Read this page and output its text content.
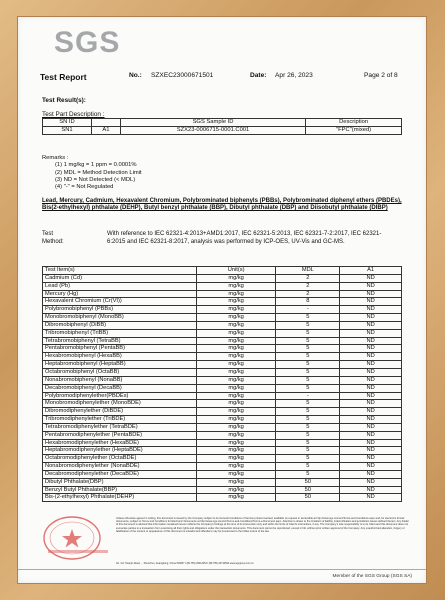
SGS
Test Report	No.: SZXEC23000671501	Date: Apr 26, 2023	Page 2 of 8
Test Result(s):
Test Part Description :
SN ID		SGS Sample ID	Description
SN1	A1	SZX23-0006715-0001.C001	"FPC"(mixed)
Remarks :
(1) 1 mg/kg = 1 ppm = 0.0001%
(2) MDL = Method Detection Limit
(3) ND = Not Detected (< MDL)
(4) "-" = Not Regulated
Lead, Mercury, Cadmium, Hexavalent Chromium, Polybrominated biphenyls (PBBs), Polybrominated diphenyl ethers (PBDEs), Bis(2-ethylhexyl) phthalate (DEHP), Butyl benzyl phthalate (BBP), Dibutyl phthalate (DBP) and Diisobutyl phthalate (DIBP)
Test Method:
With reference to IEC 62321-4:2013+AMD1:2017, IEC 62321-5:2013, IEC 62321-7-2:2017, IEC 62321-6:2015 and IEC 62321-8:2017, analysis was performed by ICP-OES, UV-Vis and GC-MS.
Test Item(s)	Unit(s)	MDL	A1
Cadmium (Cd)	mg/kg	2	ND
Lead (Pb)	mg/kg	2	ND
Mercury (Hg)	mg/kg	2	ND
Hexavalent Chromium (Cr(VI))	mg/kg	8	ND
Polybromobiphenyl (PBBs)	mg/kg	-	ND
Monobromobiphenyl (MonoBB)	mg/kg	5	ND
Dibromobiphenyl (DiBB)	mg/kg	5	ND
Tribromobiphenyl (TriBB)	mg/kg	5	ND
Tetrabromobiphenyl (TetraBB)	mg/kg	5	ND
Pentabromobiphenyl (PentaBB)	mg/kg	5	ND
Hexabromobiphenyl (HexaBB)	mg/kg	5	ND
Heptabromobiphenyl (HeptaBB)	mg/kg	5	ND
Octabromobiphenyl (OctaBB)	mg/kg	5	ND
Nonabromobiphenyl (NonaBB)	mg/kg	5	ND
Decabromobiphenyl (DecaBB)	mg/kg	5	ND
Polybromodiphenylether(PBDEs)	mg/kg	-	ND
Monobromodiphenylether (MonoBDE)	mg/kg	5	ND
Dibromodiphenylether (DiBDE)	mg/kg	5	ND
Tribromodiphenylether (TriBDE)	mg/kg	5	ND
Tetrabromodiphenylether (TetraBDE)	mg/kg	5	ND
Pentabromodiphenylether (PentaBDE)	mg/kg	5	ND
Hexabromodiphenylether (HexaBDE)	mg/kg	5	ND
Heptabromodiphenylether (HeptaBDE)	mg/kg	5	ND
Octabromodiphenylether (OctaBDE)	mg/kg	5	ND
Nonabromodiphenylether (NonaBDE)	mg/kg	5	ND
Decabromodiphenylether (DecaBDE)	mg/kg	5	ND
Dibutyl Phthalate(DBP)	mg/kg	50	ND
Benzyl Butyl Phthalate(BBP)	mg/kg	50	ND
Bis-(2-ethylhexyl) Phthalate(DEHP)	mg/kg	50	ND
Unless otherwise agreed in writing, this document is issued by the Company subject to its General Conditions of Service printed overleaf, available on request or accessible at http://www.sgs.com/en/Terms-and-Conditions.aspx and, for electronic format documents, subject to Terms and Conditions for Electronic Documents at http://www.sgs.com/en/Terms-and-Conditions/Terms-e-Document.aspx. Attention is drawn to the limitation of liability, indemnification and jurisdiction issues defined therein. Any holder of this document is advised that information contained hereon reflects the Company's findings at the time of its intervention only and within the limits of Client's instructions, if any. The Company's sole responsibility is to its Client and this document does not exonerate parties to a transaction from exercising all their rights and obligations under the transaction documents. This document cannot be reproduced, except in full, without prior written approval of the Company. Any unauthorized alteration, forgery or falsification of the content or appearance of this document is unlawful and offenders may be prosecuted to the fullest extent of the law.
No. 4-8, Huanjin Road, ... Shenzhen, Guangdong, China 518057 t (86-755) 26012053 f (86-755) 26710594 www.sgsgroup.com.cn
Member of the SGS Group (SGS SA)
